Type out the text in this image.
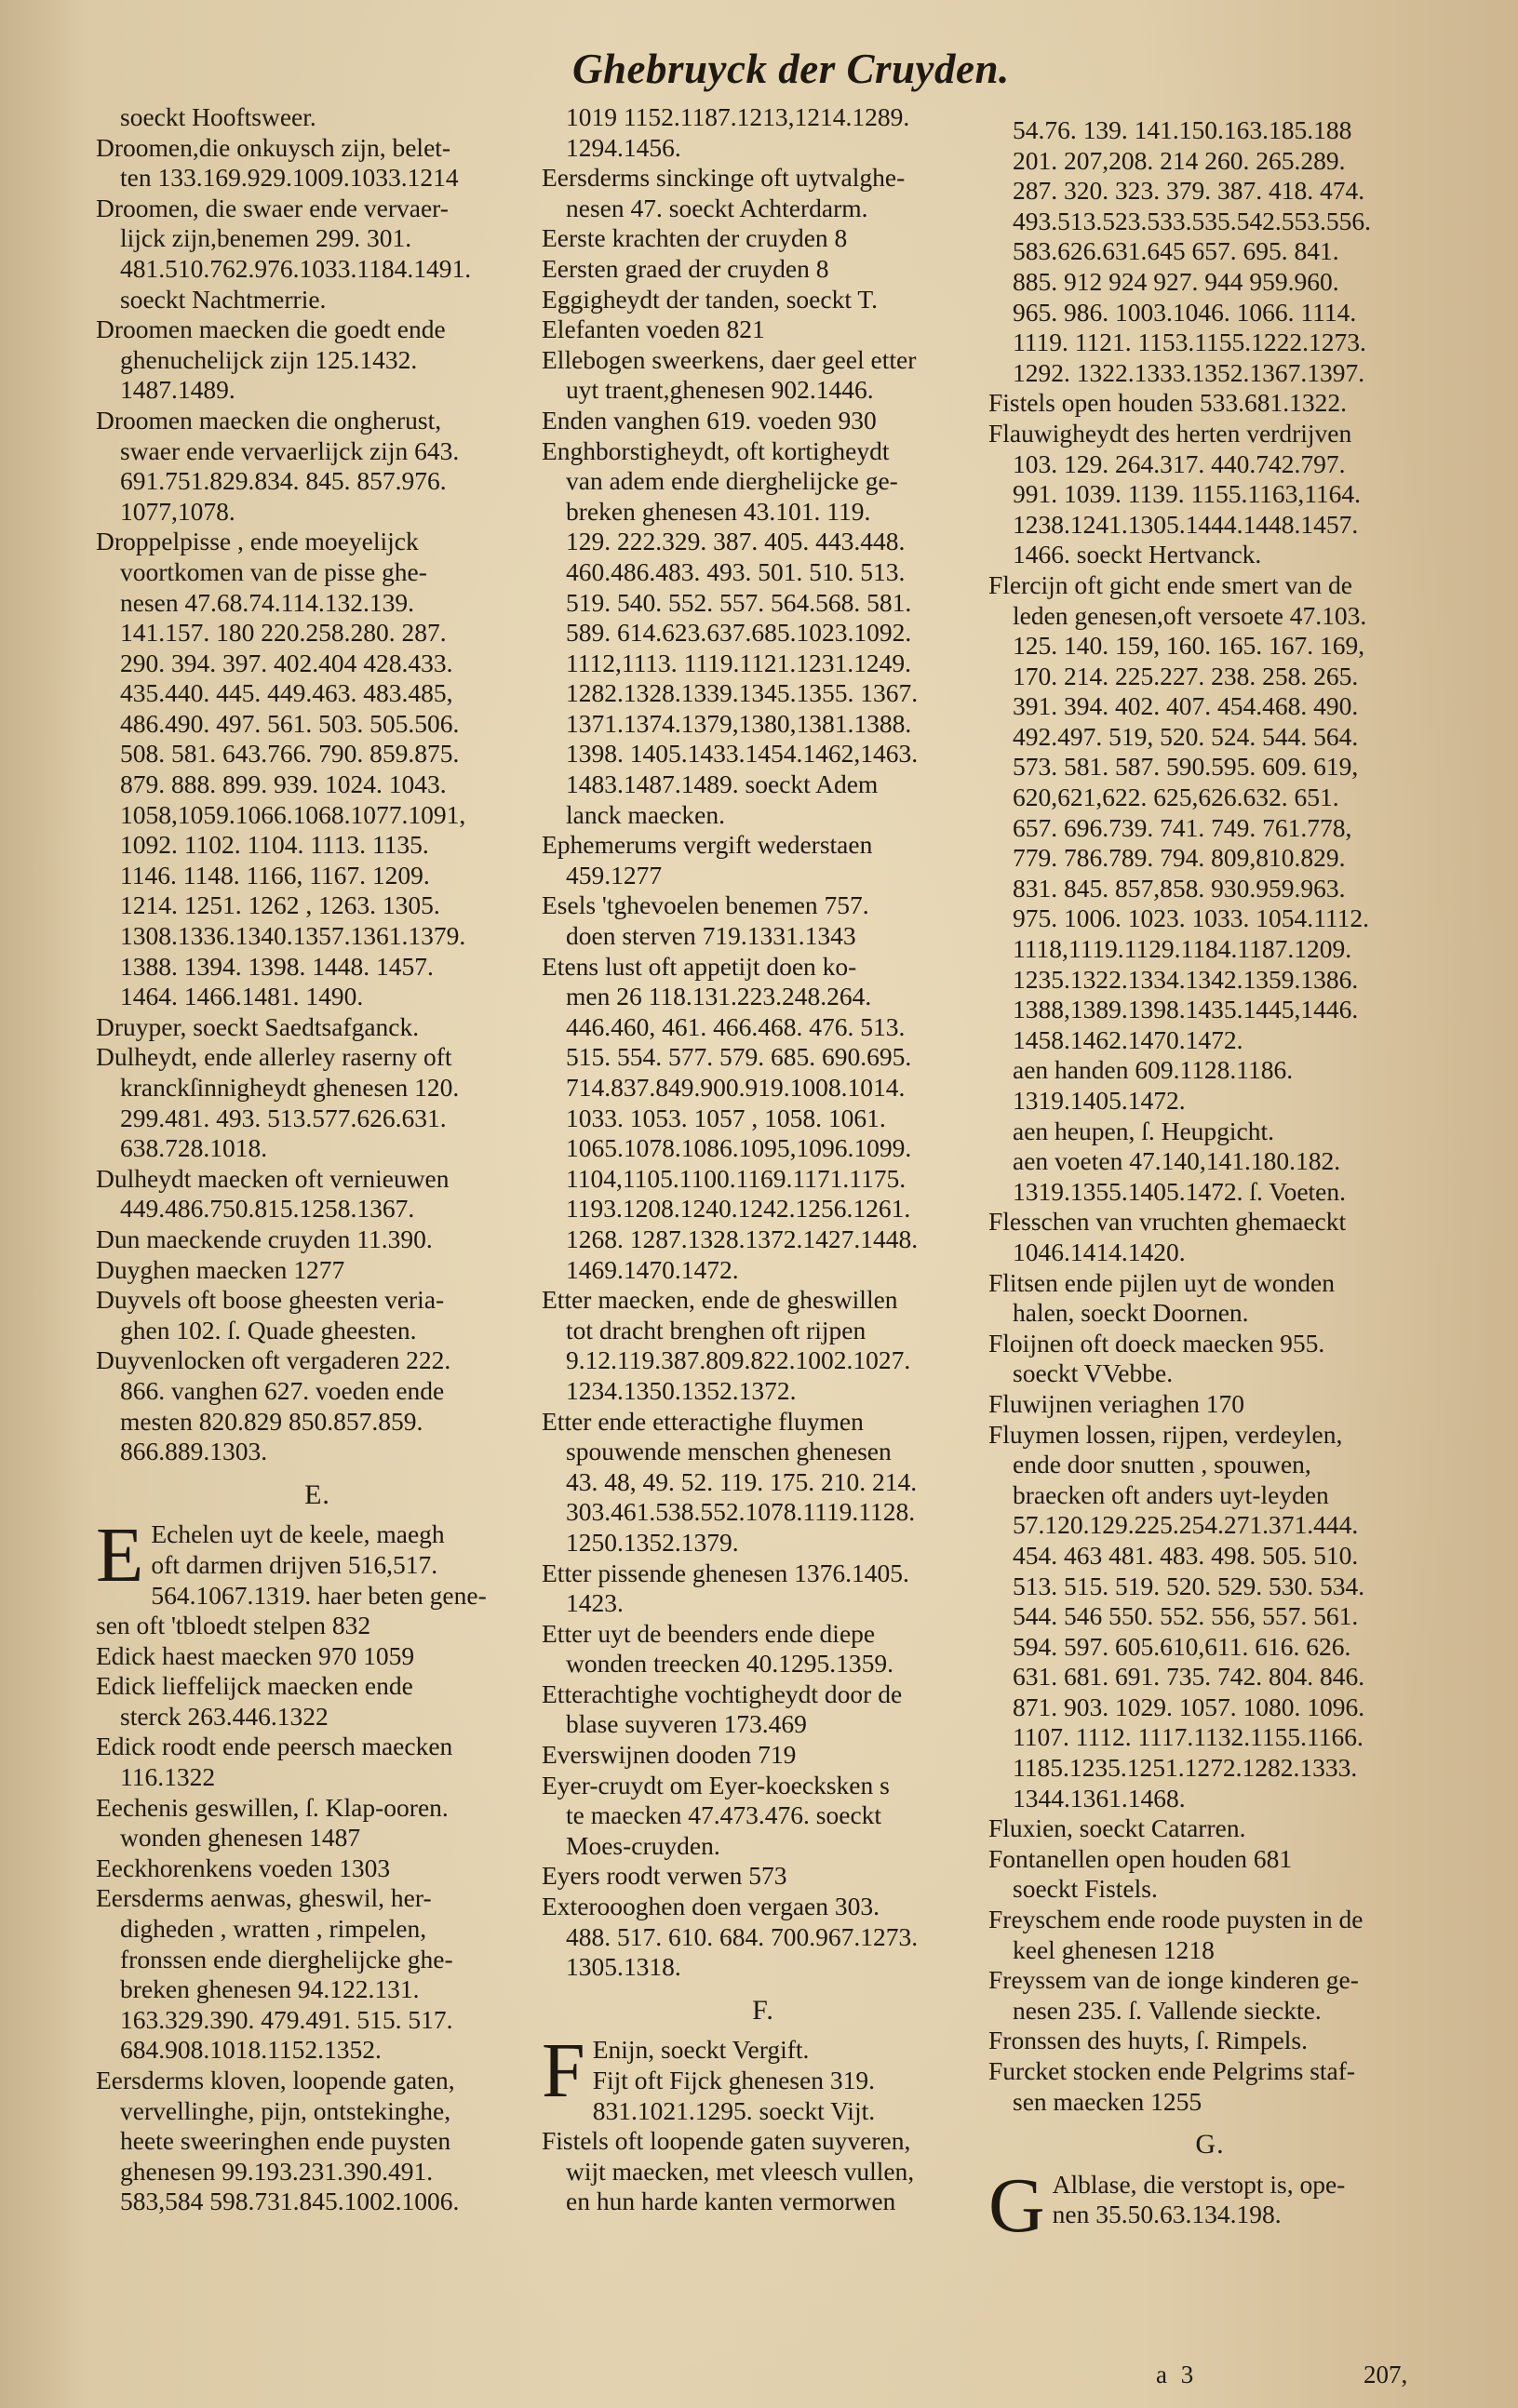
Ghebruyck der Cruyden.
soeckt Hooftsweer.
Droomen,die onkuysch zijn, belet-
ten 133.169.929.1009.1033.1214
Droomen, die swaer ende vervaer-
lijck zijn,benemen 299. 301.
481.510.762.976.1033.1184.1491.
soeckt Nachtmerrie.
Droomen maecken die goedt ende
ghenuchelijck zijn 125.1432.
1487.1489.
Droomen maecken die ongherust,
swaer ende vervaerlijck zijn 643.
691.751.829.834. 845. 857.976.
1077,1078.
Droppelpisse , ende moeyelijck
voortkomen van de pisse ghe-
nesen 47.68.74.114.132.139.
141.157. 180 220.258.280. 287.
290. 394. 397. 402.404 428.433.
435.440. 445. 449.463. 483.485,
486.490. 497. 561. 503. 505.506.
508. 581. 643.766. 790. 859.875.
879. 888. 899. 939. 1024. 1043.
1058,1059.1066.1068.1077.1091,
1092. 1102. 1104. 1113. 1135.
1146. 1148. 1166, 1167. 1209.
1214. 1251. 1262 , 1263. 1305.
1308.1336.1340.1357.1361.1379.
1388. 1394. 1398. 1448. 1457.
1464. 1466.1481. 1490.
Druyper, soeckt Saedtsafganck.
Dulheydt, ende allerley raserny oft
kranckſinnigheydt ghenesen 120.
299.481. 493. 513.577.626.631.
638.728.1018.
Dulheydt maecken oft vernieuwen
449.486.750.815.1258.1367.
Dun maeckende cruyden 11.390.
Duyghen maecken 1277
Duyvels oft boose gheesten veria-
ghen 102. ſ. Quade gheesten.
Duyvenlocken oft vergaderen 222.
866. vanghen 627. voeden ende
mesten 820.829 850.857.859.
866.889.1303.
E.
E Echelen uyt de keele, maegh
oft darmen drijven 516,517.
564.1067.1319. haer beten gene-
sen oft 'tbloedt stelpen 832
Edick haest maecken 970 1059
Edick lieffelijck maecken ende
sterck 263.446.1322
Edick roodt ende peersch maecken
116.1322
Eechenis geswillen, ſ. Klap-ooren.
wonden ghenesen 1487
Eeckhorenkens voeden 1303
Eersderms aenwas, gheswil, her-
digheden , wratten , rimpelen,
fronssen ende dierghelijcke ghe-
breken ghenesen 94.122.131.
163.329.390. 479.491. 515. 517.
684.908.1018.1152.1352.
Eersderms kloven, loopende gaten,
vervellinghe, pijn, ontstekinghe,
heete sweeringhen ende puysten
ghenesen 99.193.231.390.491.
583,584 598.731.845.1002.1006.
1019 1152.1187.1213,1214.1289.
1294.1456.
Eersderms sinckinge oft uytvalghe-
nesen 47. soeckt Achterdarm.
Eerste krachten der cruyden 8
Eersten graed der cruyden 8
Eggigheydt der tanden, soeckt T.
Elefanten voeden 821
Ellebogen sweerkens, daer geel etter
uyt traent,ghenesen 902.1446.
Enden vanghen 619. voeden 930
Enghborstigheydt, oft kortigheydt
van adem ende dierghelijcke ge-
breken ghenesen 43.101. 119.
129. 222.329. 387. 405. 443.448.
460.486.483. 493. 501. 510. 513.
519. 540. 552. 557. 564.568. 581.
589. 614.623.637.685.1023.1092.
1112,1113. 1119.1121.1231.1249.
1282.1328.1339.1345.1355. 1367.
1371.1374.1379,1380,1381.1388.
1398. 1405.1433.1454.1462,1463.
1483.1487.1489. soeckt Adem
lanck maecken.
Ephemerums vergift wederstaen
459.1277
Esels 'tghevoelen benemen 757.
doen sterven 719.1331.1343
Etens lust oft appetijt doen ko-
men 26 118.131.223.248.264.
446.460, 461. 466.468. 476. 513.
515. 554. 577. 579. 685. 690.695.
714.837.849.900.919.1008.1014.
1033. 1053. 1057 , 1058. 1061.
1065.1078.1086.1095,1096.1099.
1104,1105.1100.1169.1171.1175.
1193.1208.1240.1242.1256.1261.
1268. 1287.1328.1372.1427.1448.
1469.1470.1472.
Etter maecken, ende de gheswillen
tot dracht brenghen oft rijpen
9.12.119.387.809.822.1002.1027.
1234.1350.1352.1372.
Etter ende etteractighe fluymen
spouwende menschen ghenesen
43. 48, 49. 52. 119. 175. 210. 214.
303.461.538.552.1078.1119.1128.
1250.1352.1379.
Etter pissende ghenesen 1376.1405.
1423.
Etter uyt de beenders ende diepe
wonden treecken 40.1295.1359.
Etterachtighe vochtigheydt door de
blase suyveren 173.469
Everswijnen dooden 719
Eyer-cruydt om Eyer-koecksken s
te maecken 47.473.476. soeckt
Moes-cruyden.
Eyers roodt verwen 573
Exteroooghen doen vergaen 303.
488. 517. 610. 684. 700.967.1273.
1305.1318.
F.
F Enijn, soeckt Vergift.
Fijt oft Fijck ghenesen 319.
831.1021.1295. soeckt Vijt.
Fistels oft loopende gaten suyveren,
wijt maecken, met vleesch vullen,
en hun harde kanten vermorwen
54.76. 139. 141.150.163.185.188
201. 207,208. 214 260. 265.289.
287. 320. 323. 379. 387. 418. 474.
493.513.523.533.535.542.553.556.
583.626.631.645 657. 695. 841.
885. 912 924 927. 944 959.960.
965. 986. 1003.1046. 1066. 1114.
1119. 1121. 1153.1155.1222.1273.
1292. 1322.1333.1352.1367.1397.
Fistels open houden 533.681.1322.
Flauwigheydt des herten verdrijven
103. 129. 264.317. 440.742.797.
991. 1039. 1139. 1155.1163,1164.
1238.1241.1305.1444.1448.1457.
1466. soeckt Hertvanck.
Flercijn oft gicht ende smert van de
leden genesen,oft versoete 47.103.
125. 140. 159, 160. 165. 167. 169,
170. 214. 225.227. 238. 258. 265.
391. 394. 402. 407. 454.468. 490.
492.497. 519, 520. 524. 544. 564.
573. 581. 587. 590.595. 609. 619,
620,621,622. 625,626.632. 651.
657. 696.739. 741. 749. 761.778,
779. 786.789. 794. 809,810.829.
831. 845. 857,858. 930.959.963.
975. 1006. 1023. 1033. 1054.1112.
1118,1119.1129.1184.1187.1209.
1235.1322.1334.1342.1359.1386.
1388,1389.1398.1435.1445,1446.
1458.1462.1470.1472.
aen handen 609.1128.1186.
1319.1405.1472.
aen heupen, ſ. Heupgicht.
aen voeten 47.140,141.180.182.
1319.1355.1405.1472. ſ. Voeten.
Flesschen van vruchten ghemaeckt
1046.1414.1420.
Flitsen ende pijlen uyt de wonden
halen, soeckt Doornen.
Floijnen oft doeck maecken 955.
soeckt VVebbe.
Fluwijnen veriaghen 170
Fluymen lossen, rijpen, verdeylen,
ende door snutten , spouwen,
braecken oft anders uyt-leyden
57.120.129.225.254.271.371.444.
454. 463 481. 483. 498. 505. 510.
513. 515. 519. 520. 529. 530. 534.
544. 546 550. 552. 556, 557. 561.
594. 597. 605.610,611. 616. 626.
631. 681. 691. 735. 742. 804. 846.
871. 903. 1029. 1057. 1080. 1096.
1107. 1112. 1117.1132.1155.1166.
1185.1235.1251.1272.1282.1333.
1344.1361.1468.
Fluxien, soeckt Catarren.
Fontanellen open houden 681
soeckt Fistels.
Freyschem ende roode puysten in de
keel ghenesen 1218
Freyssem van de ionge kinderen ge-
nesen 235. ſ. Vallende sieckte.
Fronssen des huyts, ſ. Rimpels.
Furcket stocken ende Pelgrims staf-
sen maecken 1255
G.
G Alblase, die verstopt is, ope-
nen 35.50.63.134.198.
a 3	207,
